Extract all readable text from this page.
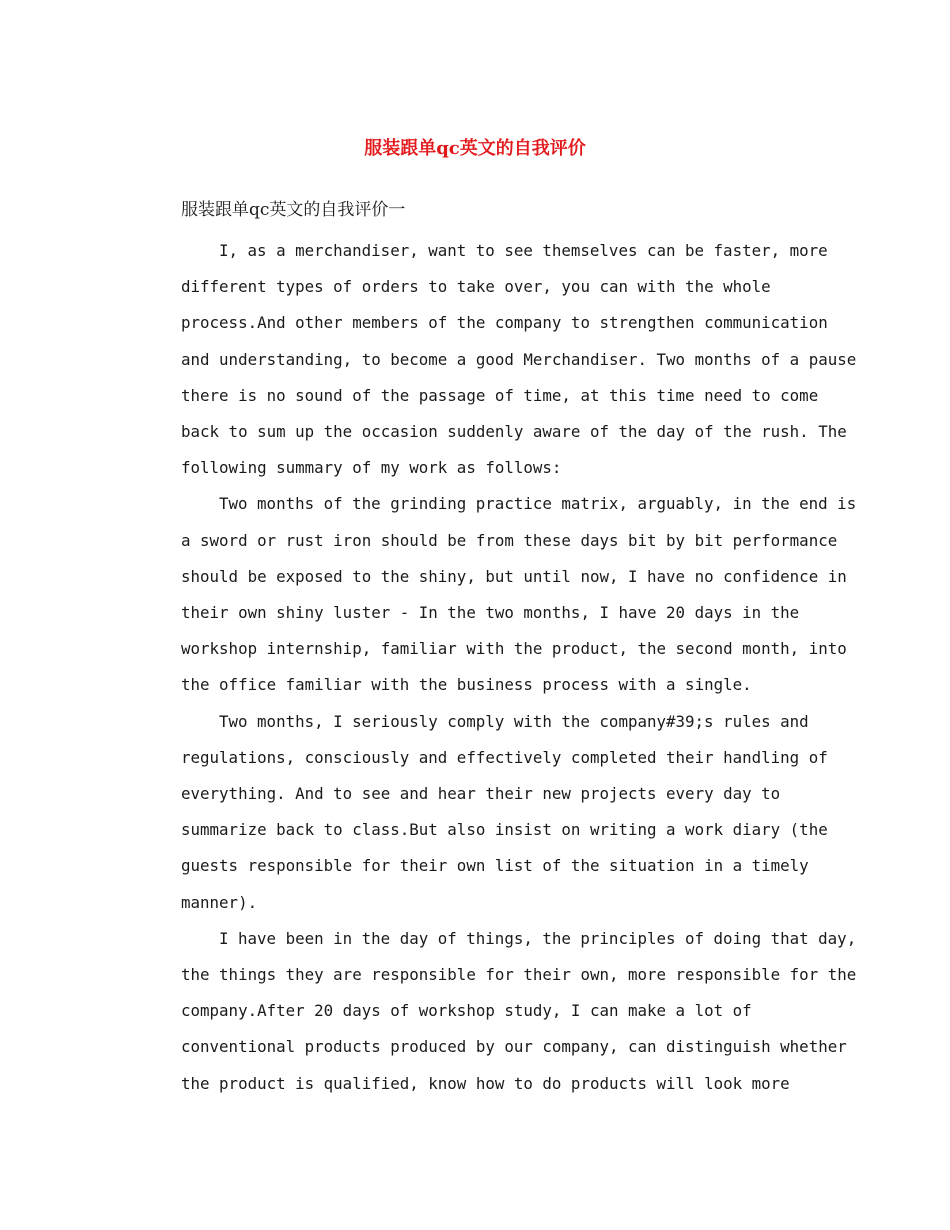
服装跟单qc英文的自我评价
服装跟单qc英文的自我评价一
I, as a merchandiser, want to see themselves can be faster, more
different types of orders to take over, you can with the whole
process.And other members of the company to strengthen communication
and understanding, to become a good Merchandiser. Two months of a pause
there is no sound of the passage of time, at this time need to come
back to sum up the occasion suddenly aware of the day of the rush. The
following summary of my work as follows:
Two months of the grinding practice matrix, arguably, in the end is
a sword or rust iron should be from these days bit by bit performance
should be exposed to the shiny, but until now, I have no confidence in
their own shiny luster - In the two months, I have 20 days in the
workshop internship, familiar with the product, the second month, into
the office familiar with the business process with a single.
Two months, I seriously comply with the company#39;s rules and
regulations, consciously and effectively completed their handling of
everything. And to see and hear their new projects every day to
summarize back to class.But also insist on writing a work diary (the
guests responsible for their own list of the situation in a timely
manner).
I have been in the day of things, the principles of doing that day,
the things they are responsible for their own, more responsible for the
company.After 20 days of workshop study, I can make a lot of
conventional products produced by our company, can distinguish whether
the product is qualified, know how to do products will look more
